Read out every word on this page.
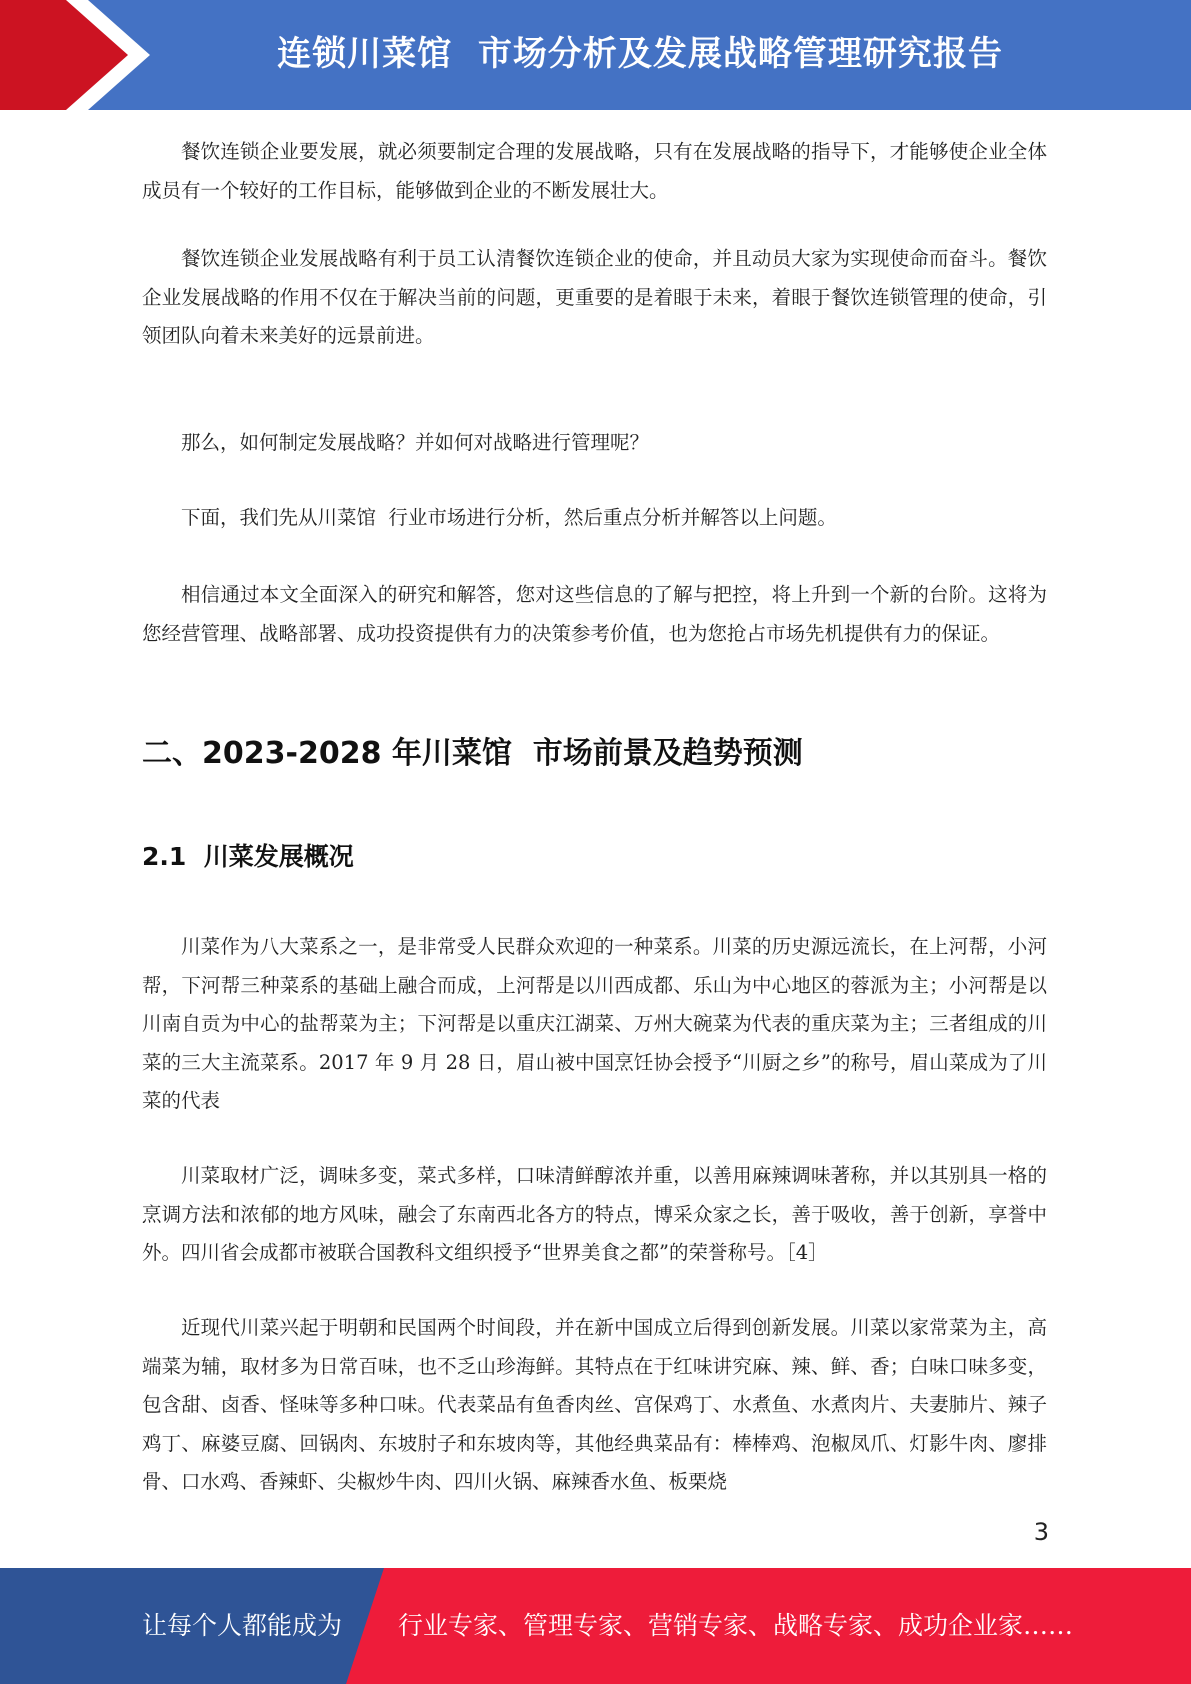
连锁川菜馆  市场分析及发展战略管理研究报告

餐饮连锁企业要发展，就必须要制定合理的发展战略，只有在发展战略的指导下，才能够使企业全体成员有一个较好的工作目标，能够做到企业的不断发展壮大。

餐饮连锁企业发展战略有利于员工认清餐饮连锁企业的使命，并且动员大家为实现使命而奋斗。餐饮企业发展战略的作用不仅在于解决当前的问题，更重要的是着眼于未来，着眼于餐饮连锁管理的使命，引领团队向着未来美好的远景前进。

那么，如何制定发展战略？并如何对战略进行管理呢？

下面，我们先从川菜馆  行业市场进行分析，然后重点分析并解答以上问题。

相信通过本文全面深入的研究和解答，您对这些信息的了解与把控，将上升到一个新的台阶。这将为您经营管理、战略部署、成功投资提供有力的决策参考价值，也为您抢占市场先机提供有力的保证。

二、2023-2028 年川菜馆  市场前景及趋势预测
2.1  川菜发展概况

川菜作为八大菜系之一，是非常受人民群众欢迎的一种菜系。川菜的历史源远流长，在上河帮，小河帮，下河帮三种菜系的基础上融合而成，上河帮是以川西成都、乐山为中心地区的蓉派为主；小河帮是以川南自贡为中心的盐帮菜为主；下河帮是以重庆江湖菜、万州大碗菜为代表的重庆菜为主；三者组成的川菜的三大主流菜系。2017 年 9 月 28 日，眉山被中国烹饪协会授予“川厨之乡”的称号，眉山菜成为了川菜的代表

川菜取材广泛，调味多变，菜式多样，口味清鲜醇浓并重，以善用麻辣调味著称，并以其别具一格的烹调方法和浓郁的地方风味，融会了东南西北各方的特点，博采众家之长，善于吸收，善于创新，享誉中外。四川省会成都市被联合国教科文组织授予“世界美食之都”的荣誉称号。［4］

近现代川菜兴起于明朝和民国两个时间段，并在新中国成立后得到创新发展。川菜以家常菜为主，高端菜为辅，取材多为日常百味，也不乏山珍海鲜。其特点在于红味讲究麻、辣、鲜、香；白味口味多变，包含甜、卤香、怪味等多种口味。代表菜品有鱼香肉丝、宫保鸡丁、水煮鱼、水煮肉片、夫妻肺片、辣子鸡丁、麻婆豆腐、回锅肉、东坡肘子和东坡肉等，其他经典菜品有：棒棒鸡、泡椒凤爪、灯影牛肉、廖排骨、口水鸡、香辣虾、尖椒炒牛肉、四川火锅、麻辣香水鱼、板栗烧

3
让每个人都能成为 行业专家、管理专家、营销专家、战略专家、成功企业家……
